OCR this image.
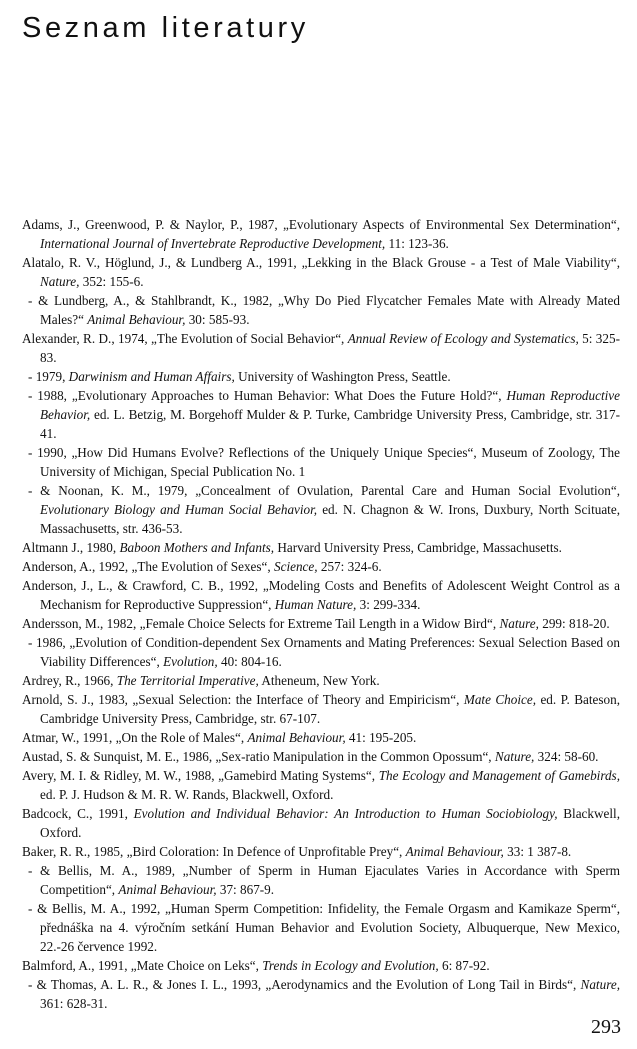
Seznam literatury
Adams, J., Greenwood, P. & Naylor, P., 1987, „Evolutionary Aspects of Environmental Sex Determination“, International Journal of Invertebrate Reproductive Development, 11: 123-36.
Alatalo, R. V., Höglund, J., & Lundberg A., 1991, „Lekking in the Black Grouse - a Test of Male Viability“, Nature, 352: 155-6.
- & Lundberg, A., & Stahlbrandt, K., 1982, „Why Do Pied Flycatcher Females Mate with Already Mated Males?“ Animal Behaviour, 30: 585-93.
Alexander, R. D., 1974, „The Evolution of Social Behavior“, Annual Review of Ecology and Systematics, 5: 325-83.
- 1979, Darwinism and Human Affairs, University of Washington Press, Seattle.
- 1988, „Evolutionary Approaches to Human Behavior: What Does the Future Hold?“, Human Reproductive Behavior, ed. L. Betzig, M. Borgehoff Mulder & P. Turke, Cambridge University Press, Cambridge, str. 317-41.
- 1990, „How Did Humans Evolve? Reflections of the Uniquely Unique Species“, Museum of Zoology, The University of Michigan, Special Publication No. 1
- & Noonan, K. M., 1979, „Concealment of Ovulation, Parental Care and Human Social Evolution“, Evolutionary Biology and Human Social Behavior, ed. N. Chagnon & W. Irons, Duxbury, North Scituate, Massachusetts, str. 436-53.
Altmann J., 1980, Baboon Mothers and Infants, Harvard University Press, Cambridge, Massachusetts.
Anderson, A., 1992, „The Evolution of Sexes“, Science, 257: 324-6.
Anderson, J., L., & Crawford, C. B., 1992, „Modeling Costs and Benefits of Adolescent Weight Control as a Mechanism for Reproductive Suppression“, Human Nature, 3: 299-334.
Andersson, M., 1982, „Female Choice Selects for Extreme Tail Length in a Widow Bird“, Nature, 299: 818-20.
- 1986, „Evolution of Condition-dependent Sex Ornaments and Mating Preferences: Sexual Selection Based on Viability Differences“, Evolution, 40: 804-16.
Ardrey, R., 1966, The Territorial Imperative, Atheneum, New York.
Arnold, S. J., 1983, „Sexual Selection: the Interface of Theory and Empiricism“, Mate Choice, ed. P. Bateson, Cambridge University Press, Cambridge, str. 67-107.
Atmar, W., 1991, „On the Role of Males“, Animal Behaviour, 41: 195-205.
Austad, S. & Sunquist, M. E., 1986, „Sex-ratio Manipulation in the Common Opossum“, Nature, 324: 58-60.
Avery, M. I. & Ridley, M. W., 1988, „Gamebird Mating Systems“, The Ecology and Management of Gamebirds, ed. P. J. Hudson & M. R. W. Rands, Blackwell, Oxford.
Badcock, C., 1991, Evolution and Individual Behavior: An Introduction to Human Sociobiology, Blackwell, Oxford.
Baker, R. R., 1985, „Bird Coloration: In Defence of Unprofitable Prey“, Animal Behaviour, 33: 1 387-8.
- & Bellis, M. A., 1989, „Number of Sperm in Human Ejaculates Varies in Accordance with Sperm Competition“, Animal Behaviour, 37: 867-9.
- & Bellis, M. A., 1992, „Human Sperm Competition: Infidelity, the Female Orgasm and Kamikaze Sperm“, přednáška na 4. výročním setkání Human Behavior and Evolution Society, Albuquerque, New Mexico, 22.-26 července 1992.
Balmford, A., 1991, „Mate Choice on Leks“, Trends in Ecology and Evolution, 6: 87-92.
- & Thomas, A. L. R., & Jones I. L., 1993, „Aerodynamics and the Evolution of Long Tail in Birds“, Nature, 361: 628-31.
293
